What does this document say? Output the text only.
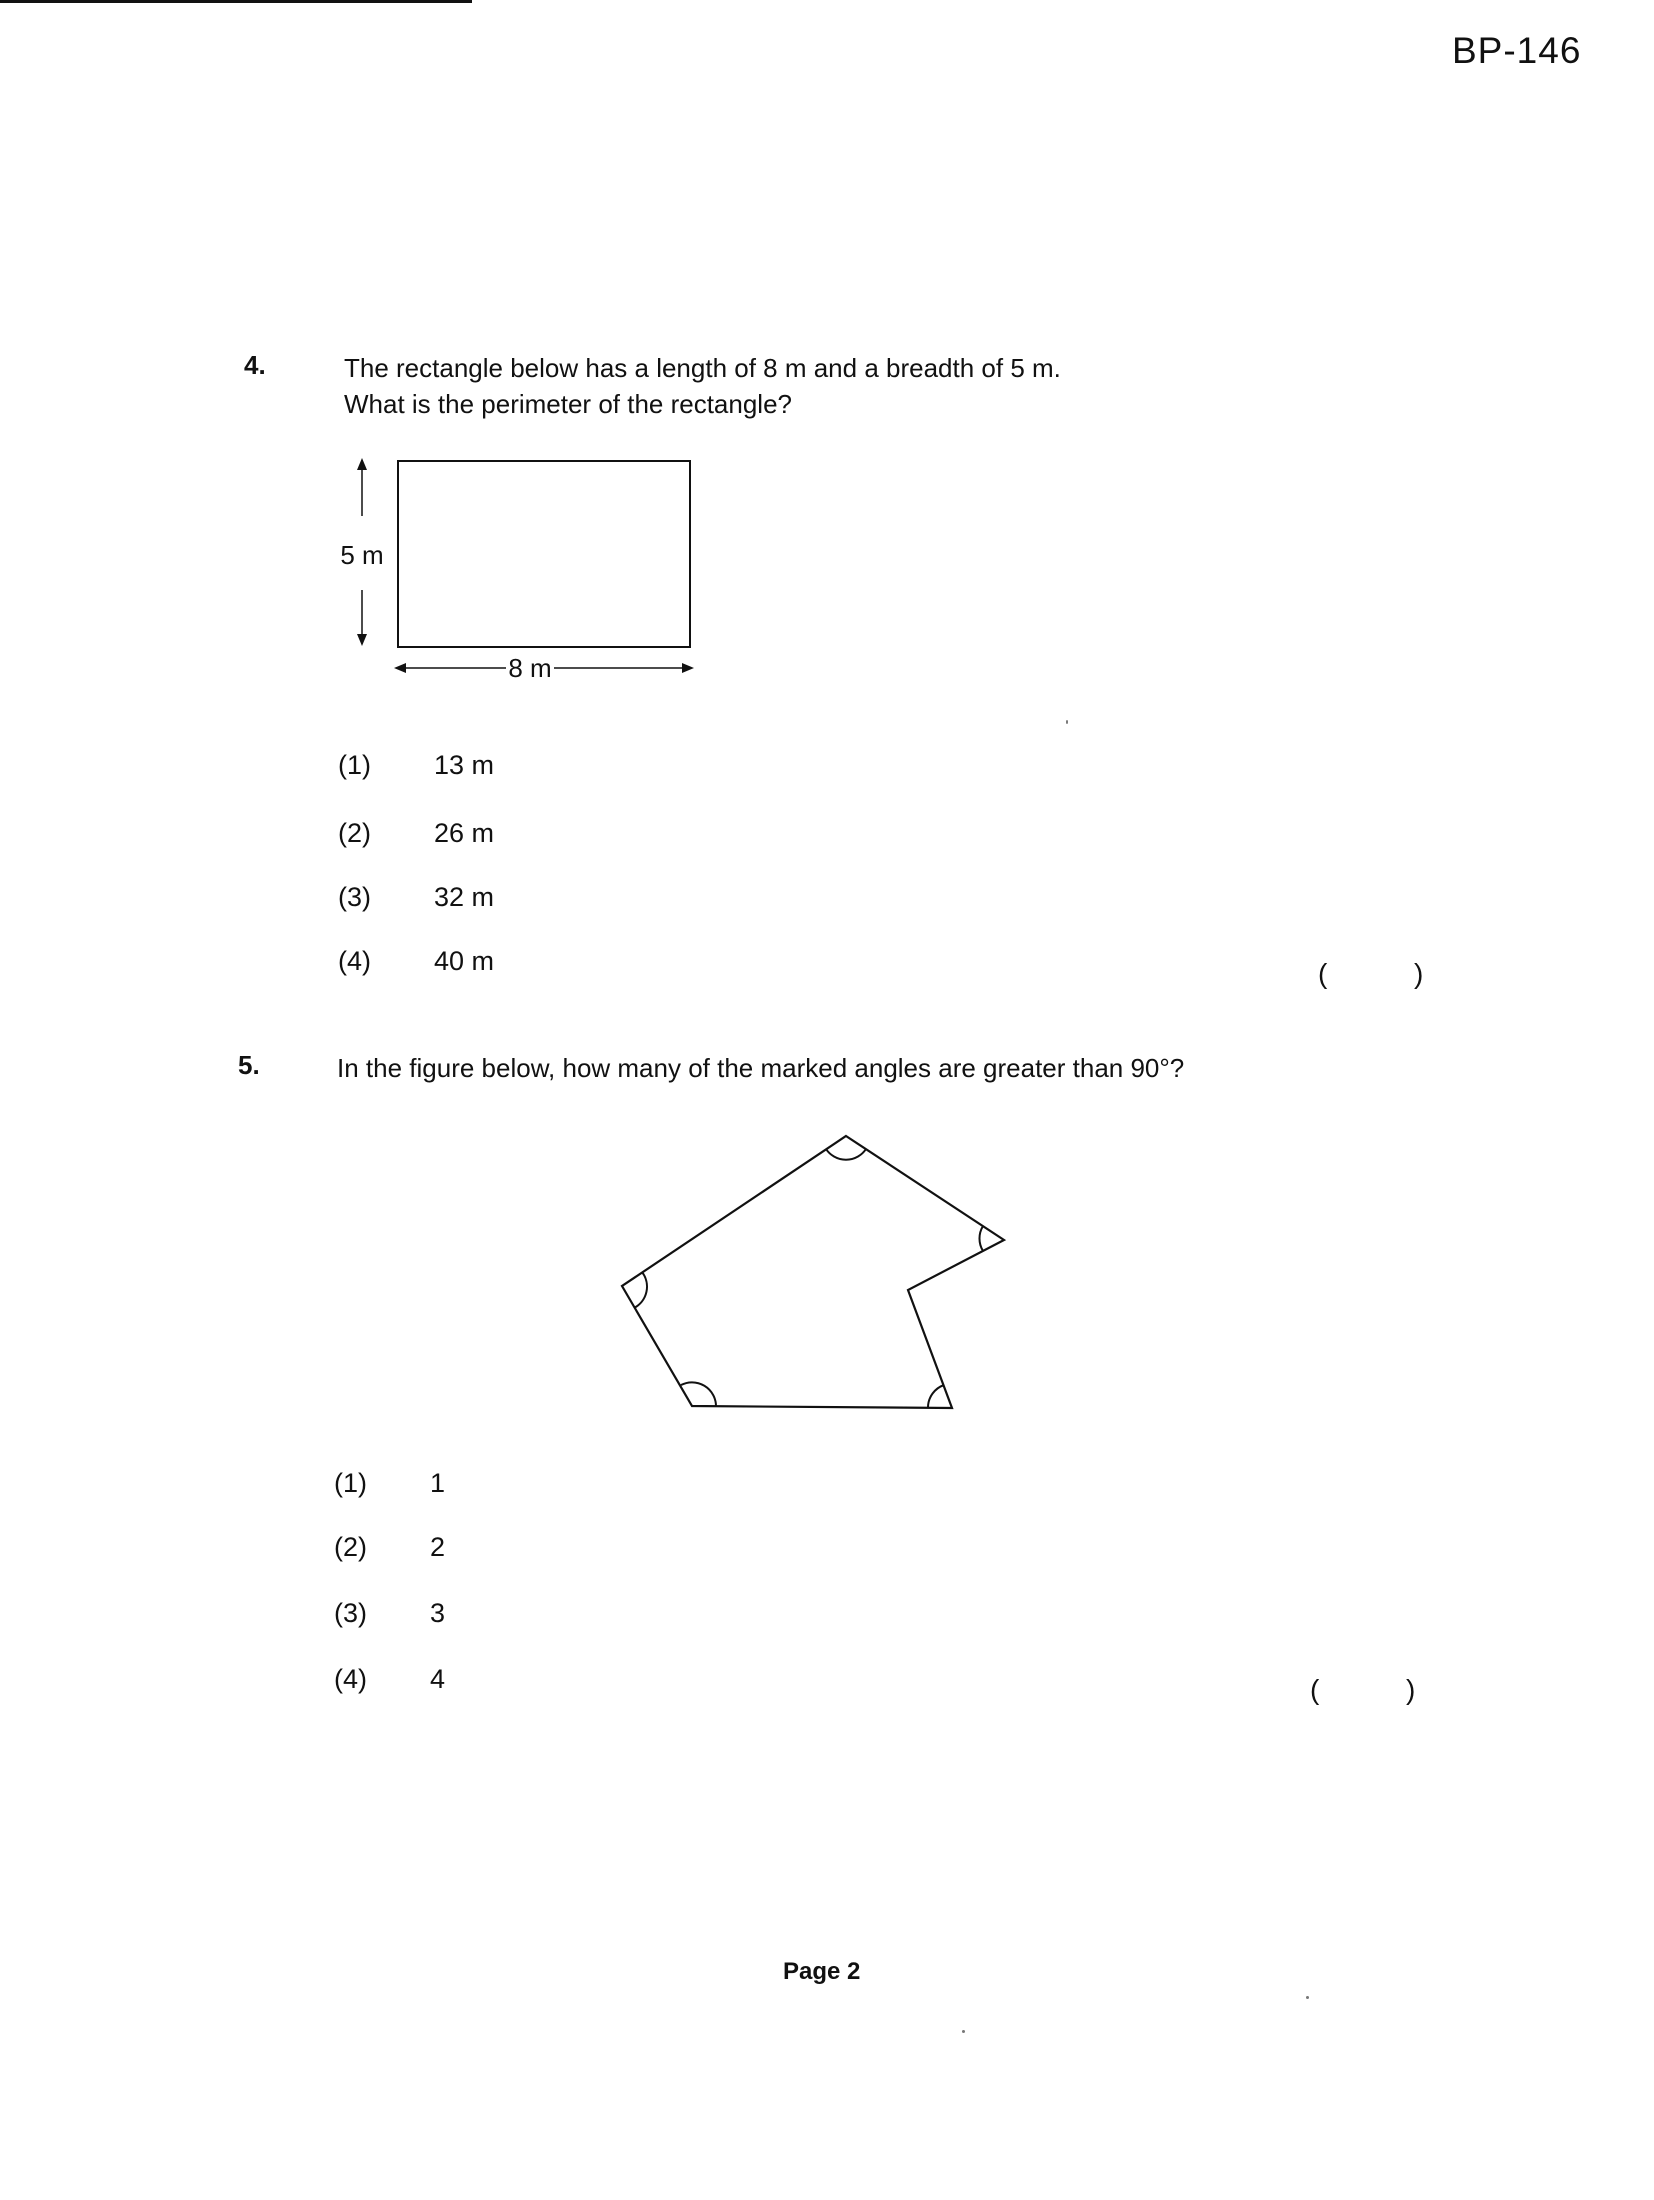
BP-146
4.	The rectangle below has a length of 8 m and a breadth of 5 m.
What is the perimeter of the rectangle?
5 m
8 m
(1) 13 m
(2) 26 m
(3) 32 m
(4) 40 m	(	)
5.	In the figure below, how many of the marked angles are greater than 90°?
(1) 1
(2) 2
(3) 3
(4) 4	(	)
Page 2
